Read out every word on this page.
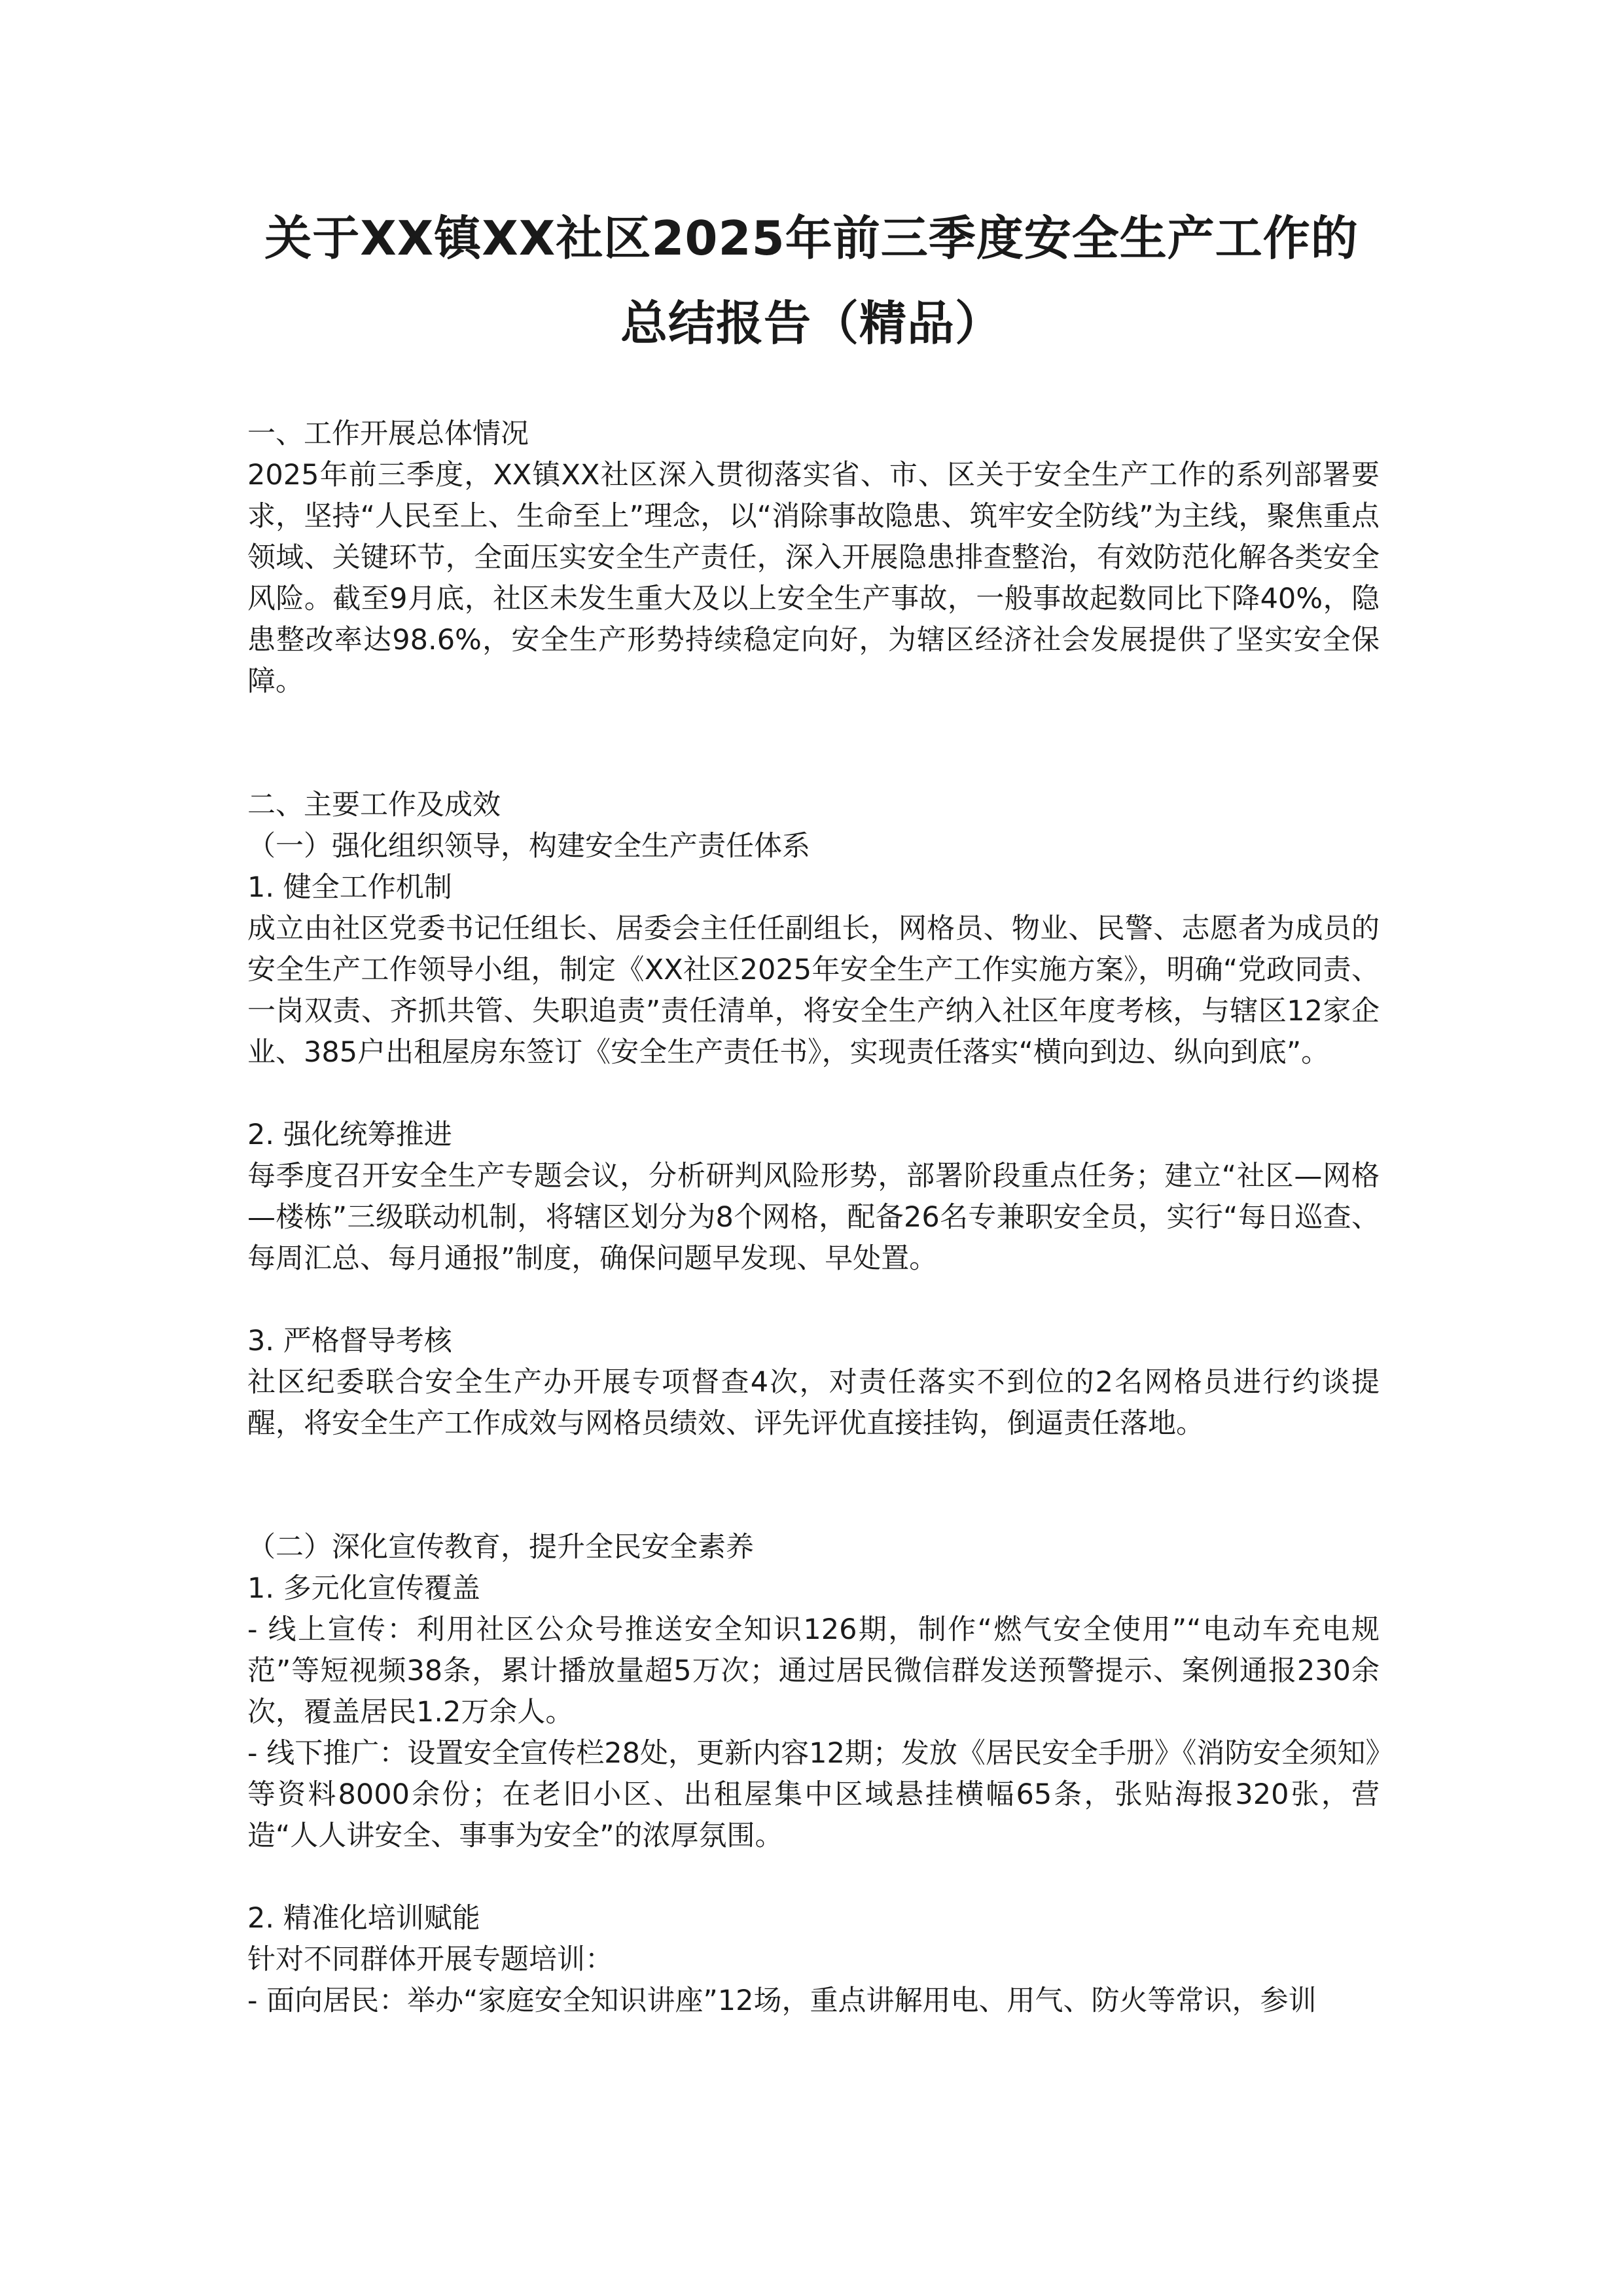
关于XX镇XX社区2025年前三季度安全生产工作的
总结报告（精品）

一、工作开展总体情况

2025年前三季度，XX镇XX社区深入贯彻落实省、市、区关于安全生产工作的系列部署要求，坚持“人民至上、生命至上”理念，以“消除事故隐患、筑牢安全防线”为主线，聚焦重点领域、关键环节，全面压实安全生产责任，深入开展隐患排查整治，有效防范化解各类安全风险。截至9月底，社区未发生重大及以上安全生产事故，一般事故起数同比下降40%，隐患整改率达98.6%，安全生产形势持续稳定向好，为辖区经济社会发展提供了坚实安全保障。

二、主要工作及成效

（一）强化组织领导，构建安全生产责任体系

1. 健全工作机制

成立由社区党委书记任组长、居委会主任任副组长，网格员、物业、民警、志愿者为成员的安全生产工作领导小组，制定《XX社区2025年安全生产工作实施方案》，明确“党政同责、一岗双责、齐抓共管、失职追责”责任清单，将安全生产纳入社区年度考核，与辖区12家企业、385户出租屋房东签订《安全生产责任书》，实现责任落实“横向到边、纵向到底”。

2. 强化统筹推进

每季度召开安全生产专题会议，分析研判风险形势，部署阶段重点任务；建立“社区—网格—楼栋”三级联动机制，将辖区划分为8个网格，配备26名专兼职安全员，实行“每日巡查、每周汇总、每月通报”制度，确保问题早发现、早处置。

3. 严格督导考核

社区纪委联合安全生产办开展专项督查4次，对责任落实不到位的2名网格员进行约谈提醒，将安全生产工作成效与网格员绩效、评先评优直接挂钩，倒逼责任落地。

（二）深化宣传教育，提升全民安全素养

1. 多元化宣传覆盖

- 线上宣传：利用社区公众号推送安全知识126期，制作“燃气安全使用”“电动车充电规范”等短视频38条，累计播放量超5万次；通过居民微信群发送预警提示、案例通报230余次，覆盖居民1.2万余人。

- 线下推广：设置安全宣传栏28处，更新内容12期；发放《居民安全手册》《消防安全须知》等资料8000余份；在老旧小区、出租屋集中区域悬挂横幅65条，张贴海报320张，营造“人人讲安全、事事为安全”的浓厚氛围。

2. 精准化培训赋能

针对不同群体开展专题培训：

- 面向居民：举办“家庭安全知识讲座”12场，重点讲解用电、用气、防火等常识，参训
